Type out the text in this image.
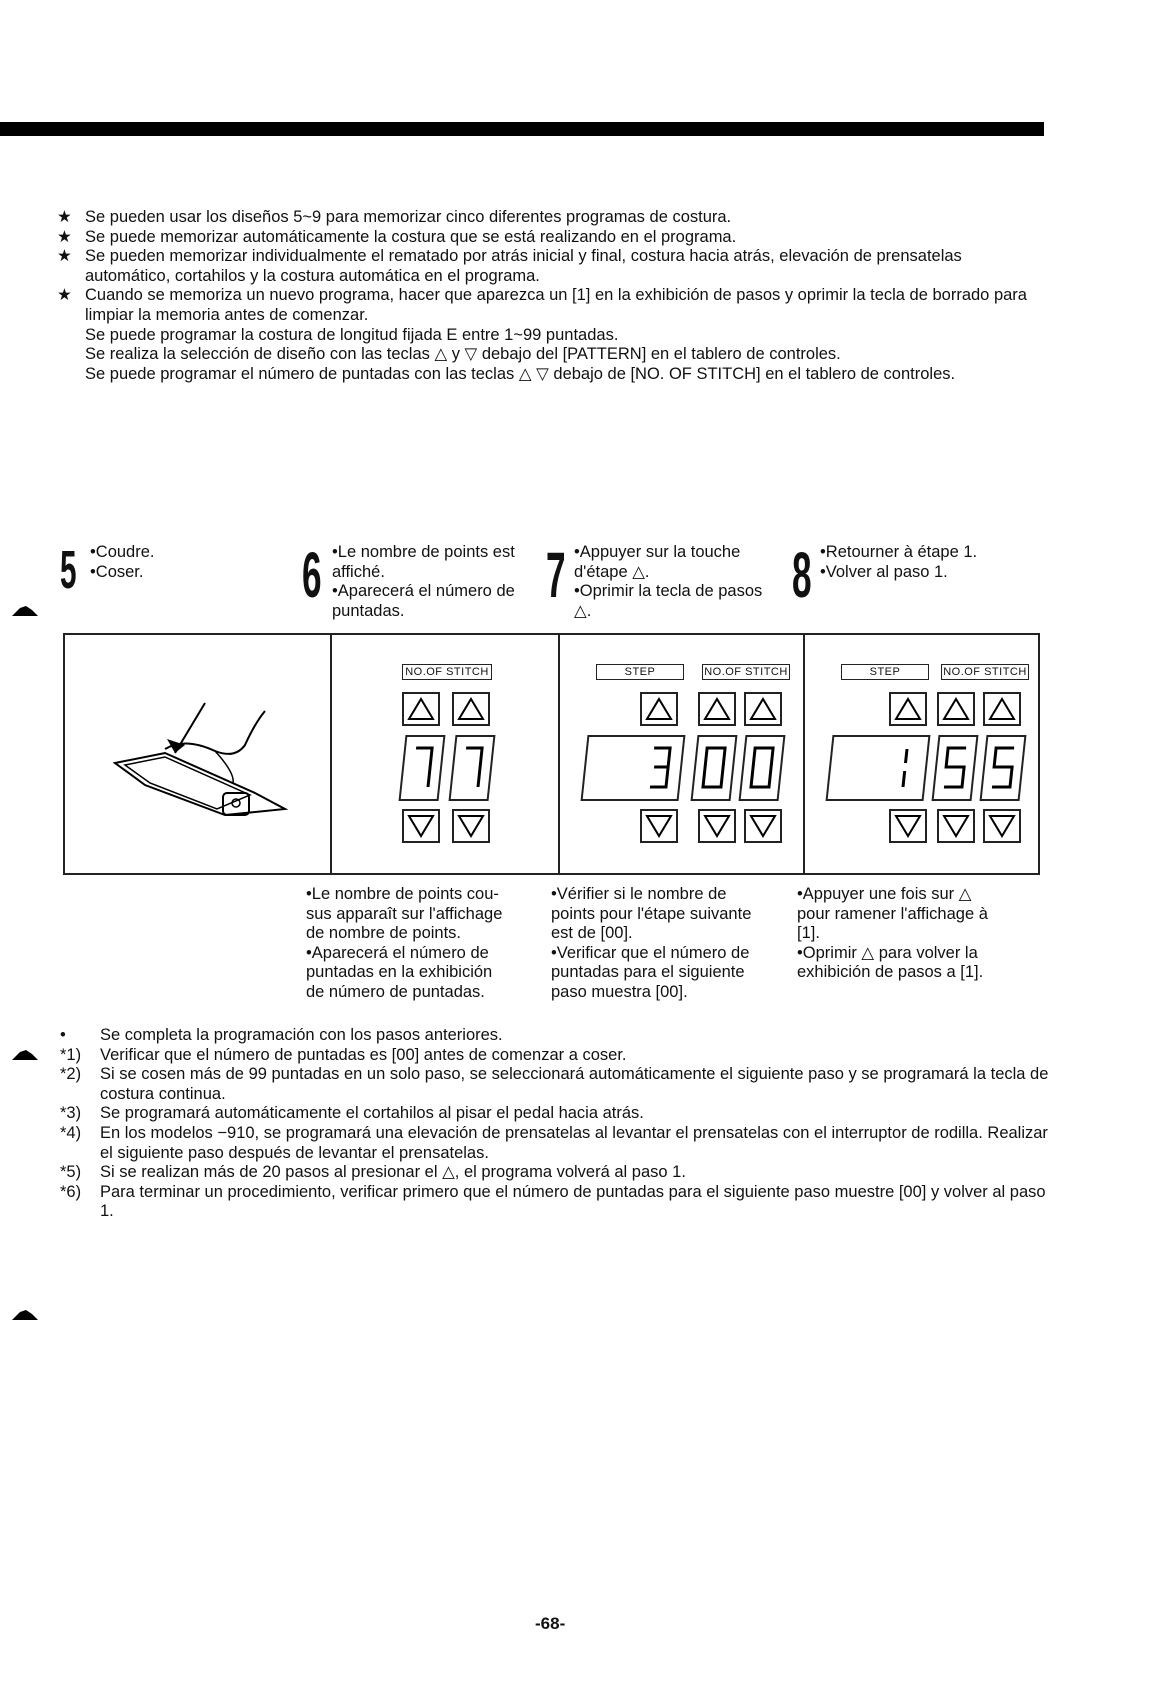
★ Se pueden usar los diseños 5~9 para memorizar cinco diferentes programas de costura.
★ Se puede memorizar automáticamente la costura que se está realizando en el programa.
★ Se pueden memorizar individualmente el rematado por atrás inicial y final, costura hacia atrás, elevación de prensatelas automático, cortahilos y la costura automática en el programa.
★ Cuando se memoriza un nuevo programa, hacer que aparezca un [1] en la exhibición de pasos y oprimir la tecla de borrado para limpiar la memoria antes de comenzar.
Se puede programar la costura de longitud fijada E entre 1~99 puntadas.
Se realiza la selección de diseño con las teclas △ y ▽ debajo del [PATTERN] en el tablero de controles.
Se puede programar el número de puntadas con las teclas △ ▽ debajo de [NO. OF STITCH] en el tablero de controles.
5 •Coudre.
•Coser. 6 •Le nombre de points est
affiché.
•Aparecerá el número de
puntadas.	7 •Appuyer sur la touche
d'étape △.
•Oprimir la tecla de pasos
△.	8 •Retourner à étape 1.
•Volver al paso 1.
NO.OF STITCH	STEP	NO.OF STITCH	STEP	NO.OF STITCH
•Le nombre de points cou-
sus apparaît sur l'affichage
de nombre de points.
•Aparecerá el número de
puntadas en la exhibición
de número de puntadas.
•Vérifier si le nombre de
points pour l'étape suivante
est de [00].
•Verificar que el número de
puntadas para el siguiente
paso muestra [00].
•Appuyer une fois sur △
pour ramener l'affichage à
[1].
•Oprimir △ para volver la
exhibición de pasos a [1].
• Se completa la programación con los pasos anteriores.
*1) Verificar que el número de puntadas es [00] antes de comenzar a coser.
*2) Si se cosen más de 99 puntadas en un solo paso, se seleccionará automáticamente el siguiente paso y se programará la tecla de costura continua.
*3) Se programará automáticamente el cortahilos al pisar el pedal hacia atrás.
*4) En los modelos −910, se programará una elevación de prensatelas al levantar el prensatelas con el interruptor de rodilla. Realizar el siguiente paso después de levantar el prensatelas.
*5) Si se realizan más de 20 pasos al presionar el △, el programa volverá al paso 1.
*6) Para terminar un procedimiento, verificar primero que el número de puntadas para el siguiente paso muestre [00] y volver al paso 1.
-68-
